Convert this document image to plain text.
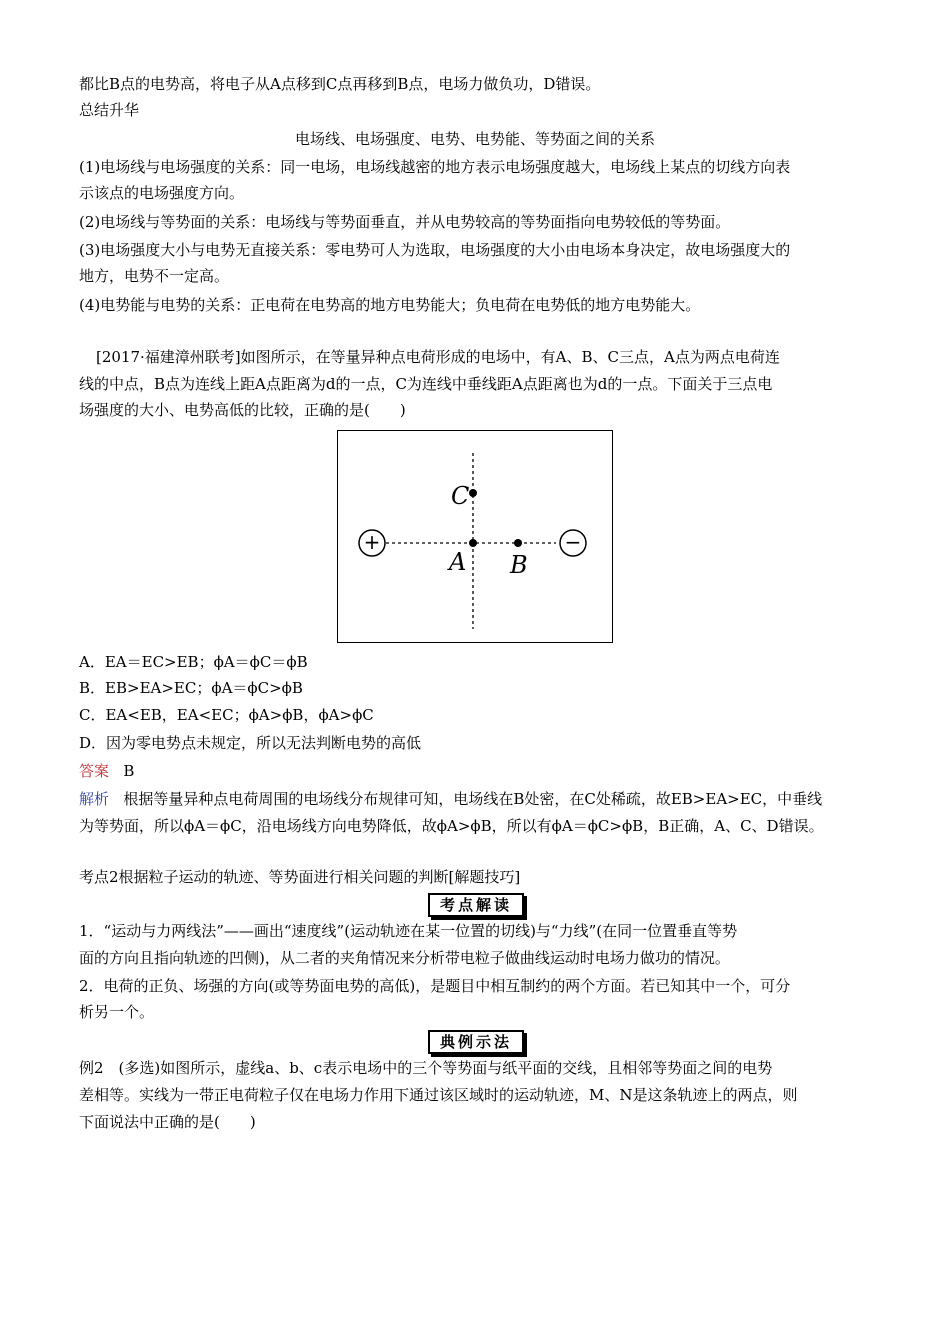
都比B点的电势高，将电子从A点移到C点再移到B点，电场力做负功，D错误。
总结升华
电场线、电场强度、电势、电势能、等势面之间的关系
(1)电场线与电场强度的关系：同一电场，电场线越密的地方表示电场强度越大，电场线上某点的切线方向表
示该点的电场强度方向。
(2)电场线与等势面的关系：电场线与等势面垂直，并从电势较高的等势面指向电势较低的等势面。
(3)电场强度大小与电势无直接关系：零电势可人为选取，电场强度的大小由电场本身决定，故电场强度大的
地方，电势不一定高。
(4)电势能与电势的关系：正电荷在电势高的地方电势能大；负电荷在电势低的地方电势能大。
[2017·福建漳州联考]如图所示，在等量异种点电荷形成的电场中，有A、B、C三点，A点为两点电荷连
线的中点，B点为连线上距A点距离为d的一点，C为连线中垂线距A点距离也为d的一点。下面关于三点电
场强度的大小、电势高低的比较，正确的是(　　)
+	−
C
A B
A．EA＝EC>EB；ϕA＝ϕC＝ϕB
B．EB>EA>EC；ϕA＝ϕC>ϕB
C．EA<EB，EA<EC；ϕA>ϕB，ϕA>ϕC
D．因为零电势点未规定，所以无法判断电势的高低
答案 B
解析 根据等量异种点电荷周围的电场线分布规律可知，电场线在B处密，在C处稀疏，故EB>EA>EC，中垂线
为等势面，所以ϕA＝ϕC，沿电场线方向电势降低，故ϕA>ϕB，所以有ϕA＝ϕC>ϕB，B正确，A、C、D错误。
考点2根据粒子运动的轨迹、等势面进行相关问题的判断[解题技巧]
考点解读
1．“运动与力两线法”——画出“速度线”(运动轨迹在某一位置的切线)与“力线”(在同一位置垂直等势
面的方向且指向轨迹的凹侧)，从二者的夹角情况来分析带电粒子做曲线运动时电场力做功的情况。
2．电荷的正负、场强的方向(或等势面电势的高低)，是题目中相互制约的两个方面。若已知其中一个，可分
析另一个。
典例示法
例2　(多选)如图所示，虚线a、b、c表示电场中的三个等势面与纸平面的交线，且相邻等势面之间的电势
差相等。实线为一带正电荷粒子仅在电场力作用下通过该区域时的运动轨迹，M、N是这条轨迹上的两点，则
下面说法中正确的是(　　)
